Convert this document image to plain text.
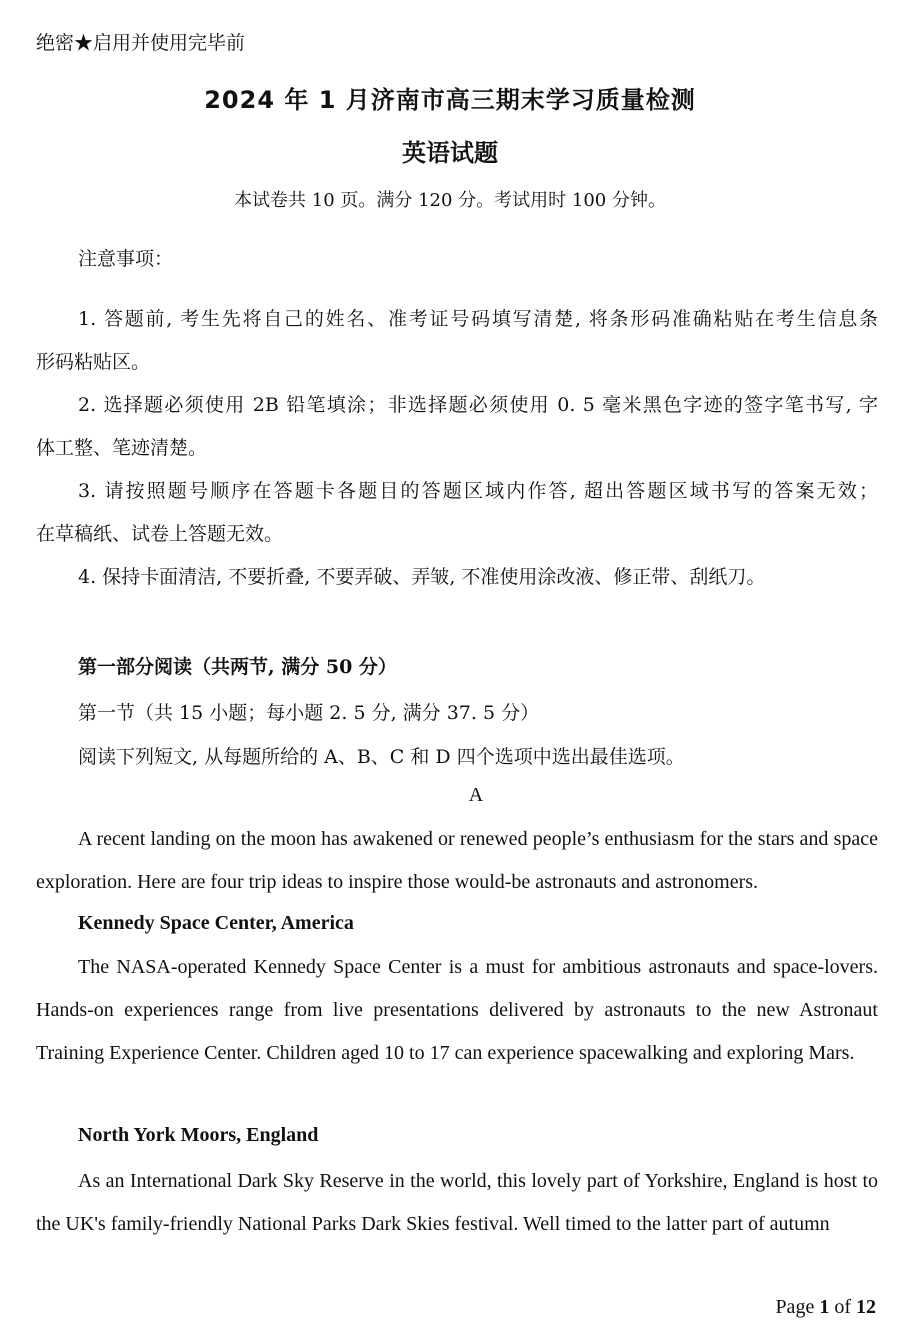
绝密★启用并使用完毕前
2024 年 1 月济南市高三期末学习质量检测
英语试题
本试卷共 10 页。满分 120 分。考试用时 100 分钟。
注意事项：
1. 答题前, 考生先将自己的姓名、准考证号码填写清楚, 将条形码准确粘贴在考生信息条
形码粘贴区。
2. 选择题必须使用 2B 铅笔填涂；非选择题必须使用 0. 5 毫米黑色字迹的签字笔书写, 字
体工整、笔迹清楚。
3. 请按照题号顺序在答题卡各题目的答题区域内作答, 超出答题区域书写的答案无效；
在草稿纸、试卷上答题无效。
4. 保持卡面清洁, 不要折叠, 不要弄破、弄皱, 不准使用涂改液、修正带、刮纸刀。
第一部分阅读（共两节, 满分 50 分）
第一节（共 15 小题；每小题 2. 5 分, 满分 37. 5 分）
阅读下列短文, 从每题所给的 A、B、C 和 D 四个选项中选出最佳选项。
A
A recent landing on the moon has awakened or renewed people’s enthusiasm for the stars and space exploration. Here are four trip ideas to inspire those would-be astronauts and astronomers.
Kennedy Space Center, America
The NASA-operated Kennedy Space Center is a must for ambitious astronauts and space-lovers. Hands-on experiences range from live presentations delivered by astronauts to the new Astronaut Training Experience Center. Children aged 10 to 17 can experience spacewalking and exploring Mars.
North York Moors, England
As an International Dark Sky Reserve in the world, this lovely part of Yorkshire, England is host to the UK's family-friendly National Parks Dark Skies festival. Well timed to the latter part of autumn
Page 1 of 12
